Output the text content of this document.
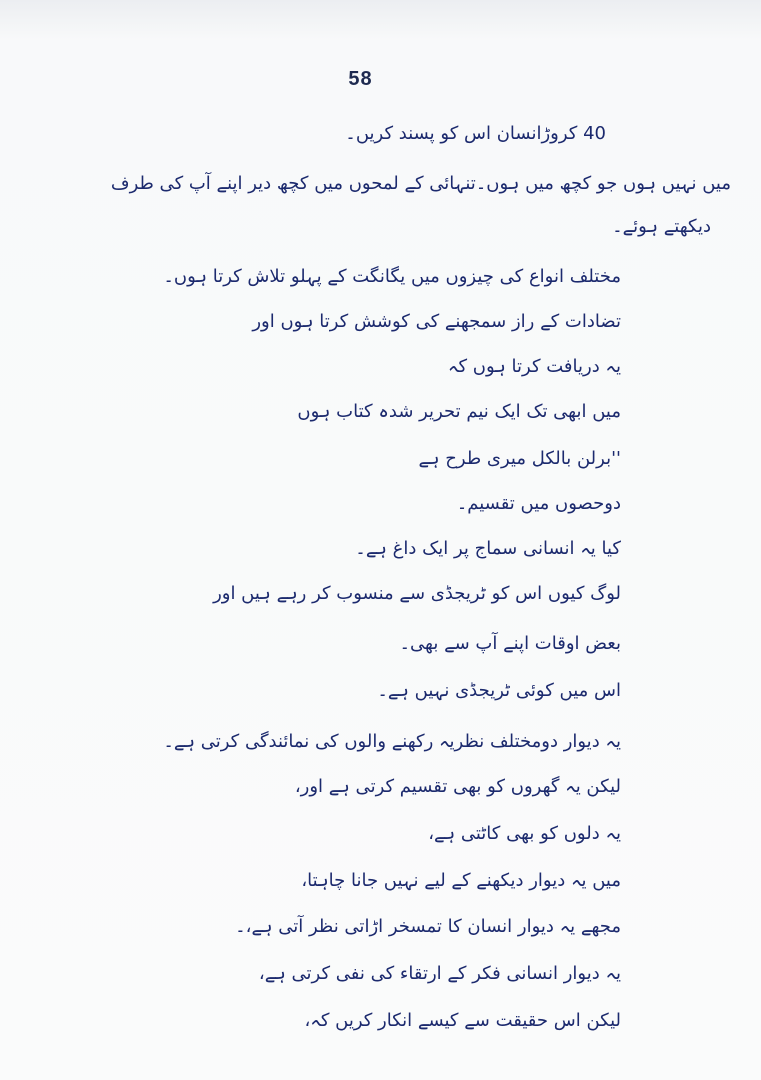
58
40 کروڑانسان اس کو پسند کریں۔
میں نہیں ہوں جو کچھ میں ہوں۔تنہائی کے لمحوں میں کچھ دیر اپنے آپ کی طرف
دیکھتے ہوئے۔
مختلف انواع کی چیزوں میں یگانگت کے پہلو تلاش کرتا ہوں۔
تضادات کے راز سمجھنے کی کوشش کرتا ہوں اور
یہ دریافت کرتا ہوں کہ
میں ابھی تک ایک نیم تحریر شدہ کتاب ہوں
''برلن بالکل میری طرح ہے
دوحصوں میں تقسیم۔
کیا یہ انسانی سماج پر ایک داغ ہے۔
لوگ کیوں اس کو ٹریجڈی سے منسوب کر رہے ہیں اور
بعض اوقات اپنے آپ سے بھی۔
اس میں کوئی ٹریجڈی نہیں ہے۔
یہ دیوار دومختلف نظریہ رکھنے والوں کی نمائندگی کرتی ہے۔
لیکن یہ گھروں کو بھی تقسیم کرتی ہے اور،
یہ دلوں کو بھی کاٹتی ہے،
میں یہ دیوار دیکھنے کے لیے نہیں جانا چاہتا،
مجھے یہ دیوار انسان کا تمسخر اڑاتی نظر آتی ہے،۔
یہ دیوار انسانی فکر کے ارتقاء کی نفی کرتی ہے،
لیکن اس حقیقت سے کیسے انکار کریں کہ،
